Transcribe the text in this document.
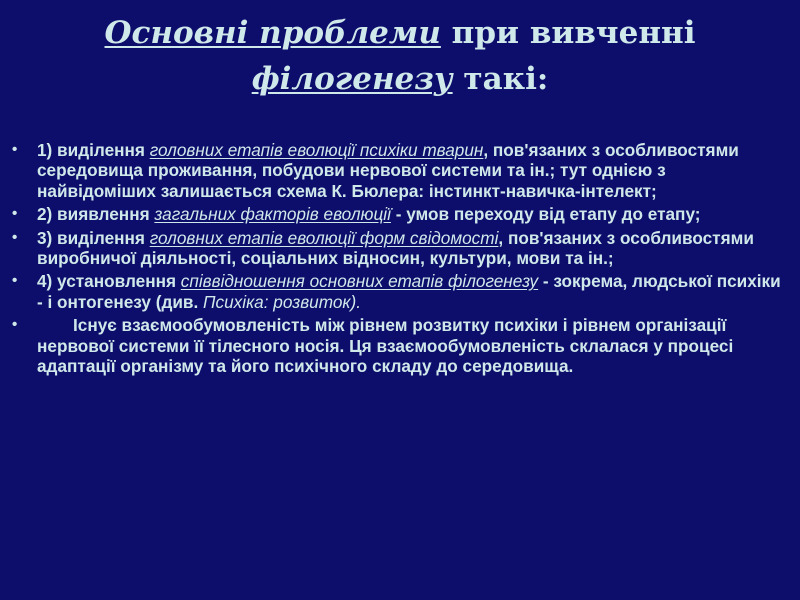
Основні проблеми при вивченні
філогенезу такі:
• 1) виділення головних етапів еволюції психіки тварин, пов'язаних з особливостями середовища проживання, побудови нервової системи та ін.; тут однією з найвідоміших залишається схема К. Бюлера: інстинкт-навичка-інтелект;
• 2) виявлення загальних факторів еволюції - умов переходу від етапу до етапу;
• 3) виділення головних етапів еволюції форм свідомості, пов'язаних з особливостями виробничої діяльності, соціальних відносин, культури, мови та ін.;
• 4) установлення співвідношення основних етапів філогенезу - зокрема, людської психіки - і онтогенезу (див. Психіка: розвиток).
•	Існує взаємообумовленість між рівнем розвитку психіки і рівнем організації нервової системи її тілесного носія. Ця взаємообумовленість склалася у процесі адаптації організму та його психічного складу до середовища.
